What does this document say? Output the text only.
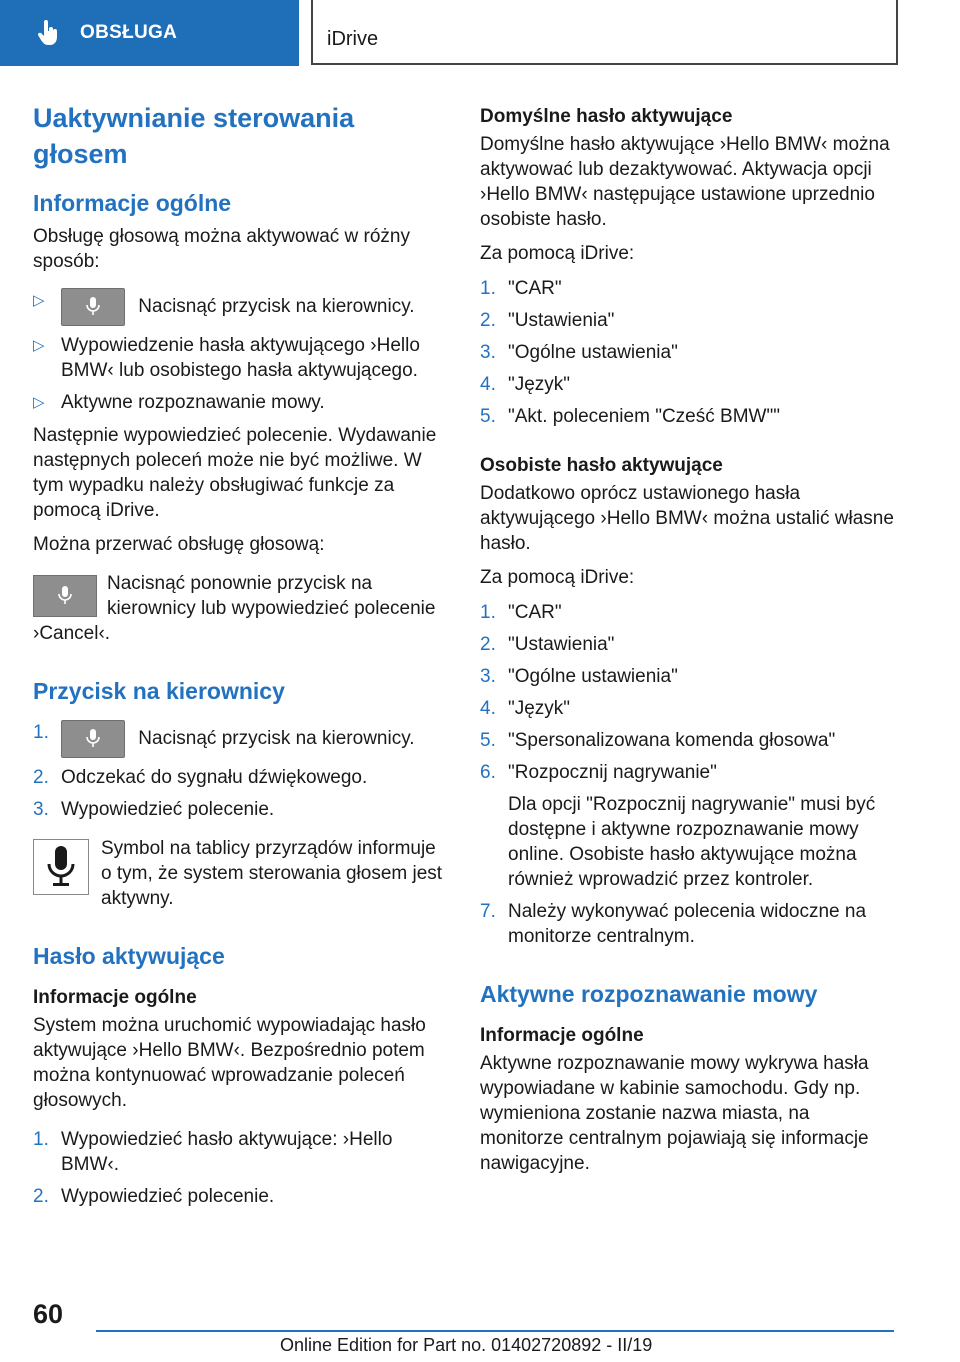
OBSŁUGA	iDrive
Uaktywnianie sterowania głosem
Informacje ogólne

Obsługę głosową można aktywować w różny sposób:

▷	Nacisnąć przycisk na kierownicy.
▷ Wypowiedzenie hasła aktywującego ›Hello BMW‹ lub osobistego hasła aktywującego.
▷ Aktywne rozpoznawanie mowy.

Następnie wypowiedzieć polecenie. Wydawanie następnych poleceń może nie być możliwe. W tym wypadku należy obsługiwać funkcje za pomocą iDrive.

Można przerwać obsługę głosową:

Nacisnąć ponownie przycisk na kierownicy lub wypowiedzieć polecenie ›Cancel‹.
Przycisk na kierownicy
1.	Nacisnąć przycisk na kierownicy.
2. Odczekać do sygnału dźwiękowego.
3. Wypowiedzieć polecenie.
Symbol na tablicy przyrządów informuje o tym, że system sterowania głosem jest aktywny.
Hasło aktywujące
Informacje ogólne

System można uruchomić wypowiadając hasło aktywujące ›Hello BMW‹. Bezpośrednio potem można kontynuować wprowadzanie poleceń głosowych.

1. Wypowiedzieć hasło aktywujące: ›Hello BMW‹.
2. Wypowiedzieć polecenie.
Domyślne hasło aktywujące

Domyślne hasło aktywujące ›Hello BMW‹ można aktywować lub dezaktywować. Aktywacja opcji ›Hello BMW‹ następujące ustawione uprzednio osobiste hasło.

Za pomocą iDrive:

1. "CAR"
2. "Ustawienia"
3. "Ogólne ustawienia"
4. "Język"
5. "Akt. poleceniem "Cześć BMW""
Osobiste hasło aktywujące

Dodatkowo oprócz ustawionego hasła aktywującego ›Hello BMW‹ można ustalić własne hasło.

Za pomocą iDrive:

1. "CAR"
2. "Ustawienia"
3. "Ogólne ustawienia"
4. "Język"
5. "Spersonalizowana komenda głosowa"
6. "Rozpocznij nagrywanie"
Dla opcji "Rozpocznij nagrywanie" musi być dostępne i aktywne rozpoznawanie mowy online. Osobiste hasło aktywujące można również wprowadzić przez kontroler.
7. Należy wykonywać polecenia widoczne na monitorze centralnym.
Aktywne rozpoznawanie mowy
Informacje ogólne

Aktywne rozpoznawanie mowy wykrywa hasła wypowiadane w kabinie samochodu. Gdy np. wymieniona zostanie nazwa miasta, na monitorze centralnym pojawiają się informacje nawigacyjne.

60
Online Edition for Part no. 01402720892 - II/19
